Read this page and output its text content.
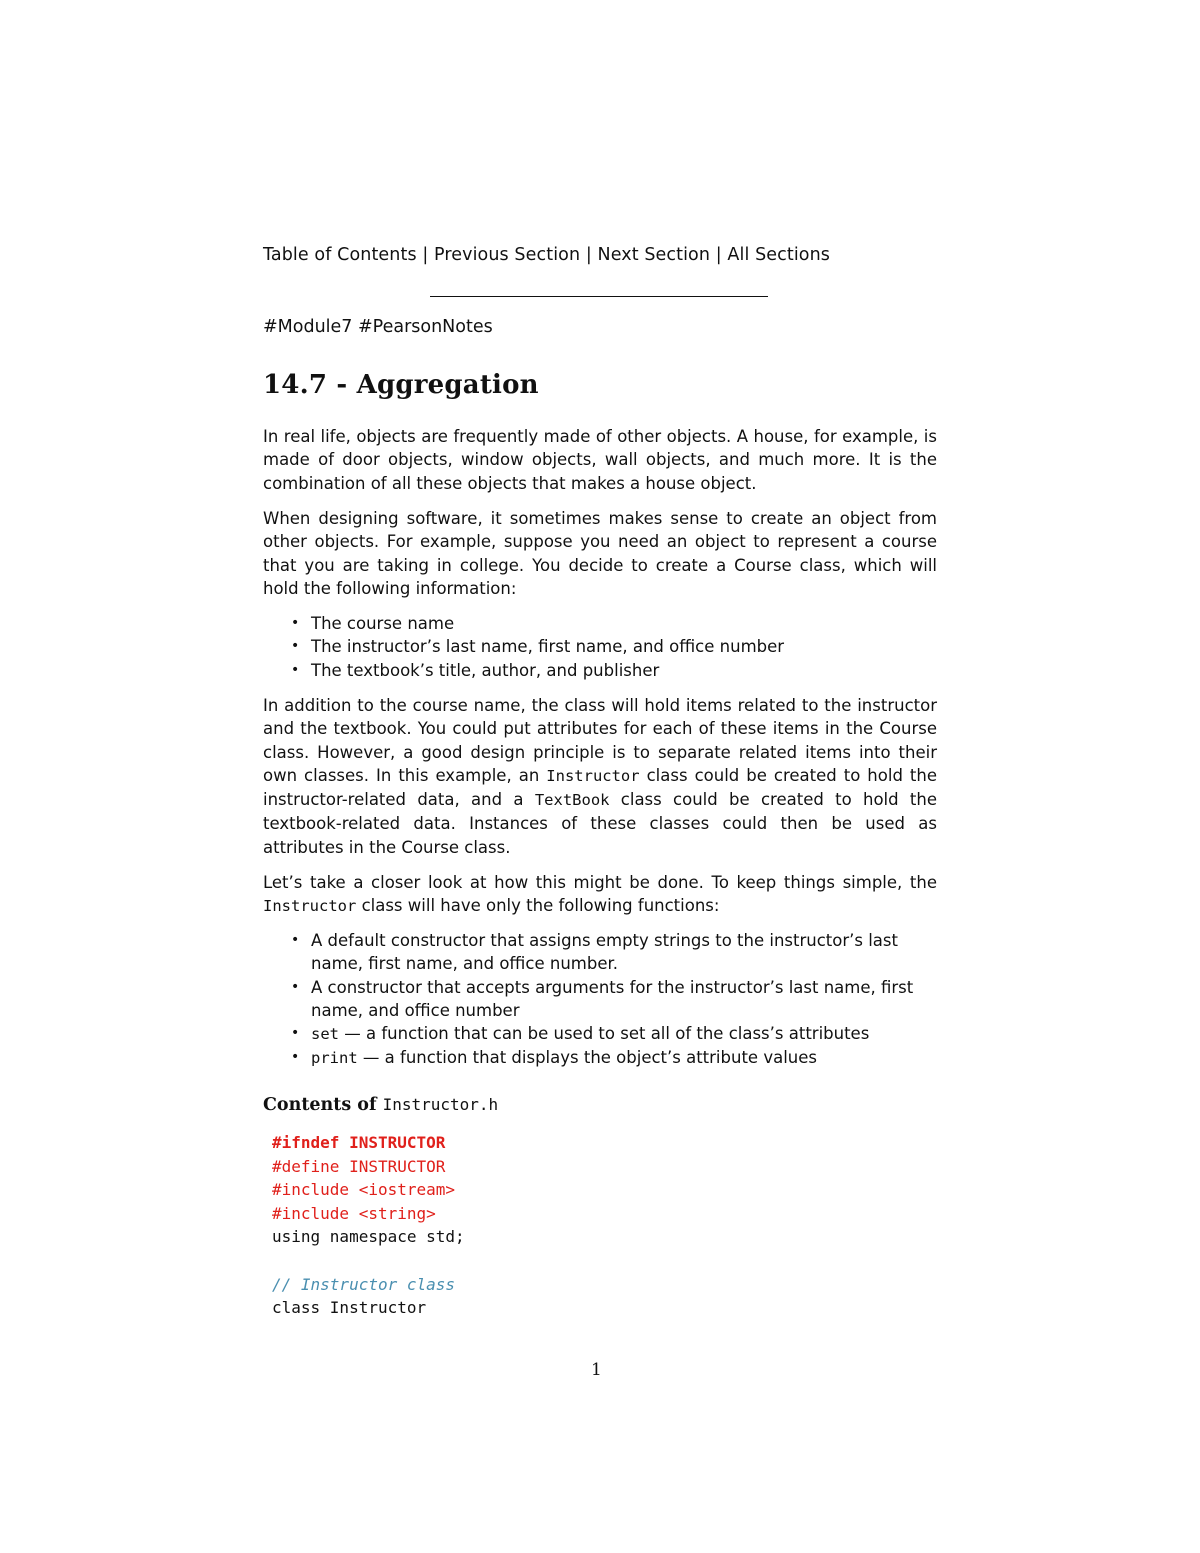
Table of Contents | Previous Section | Next Section | All Sections
#Module7 #PearsonNotes
14.7 - Aggregation

In real life, objects are frequently made of other objects. A house, for example, is made of door objects, window objects, wall objects, and much more. It is the combination of all these objects that makes a house object.

When designing software, it sometimes makes sense to create an object from other objects. For example, suppose you need an object to represent a course that you are taking in college. You decide to create a Course class, which will hold the following information:

• The course name
• The instructor’s last name, first name, and office number
• The textbook’s title, author, and publisher

In addition to the course name, the class will hold items related to the instructor and the textbook. You could put attributes for each of these items in the Course class. However, a good design principle is to separate related items into their own classes. In this example, an Instructor class could be created to hold the instructor-related data, and a TextBook class could be created to hold the textbook-related data. Instances of these classes could then be used as attributes in the Course class.

Let’s take a closer look at how this might be done. To keep things simple, the Instructor class will have only the following functions:

• A default constructor that assigns empty strings to the instructor’s last name, first name, and office number.
• A constructor that accepts arguments for the instructor’s last name, first name, and office number
• set — a function that can be used to set all of the class’s attributes
• print — a function that displays the object’s attribute values
Contents of Instructor.h
#ifndef INSTRUCTOR
#define INSTRUCTOR
#include <iostream>
#include <string>
using namespace std;
// Instructor class
class Instructor
1
